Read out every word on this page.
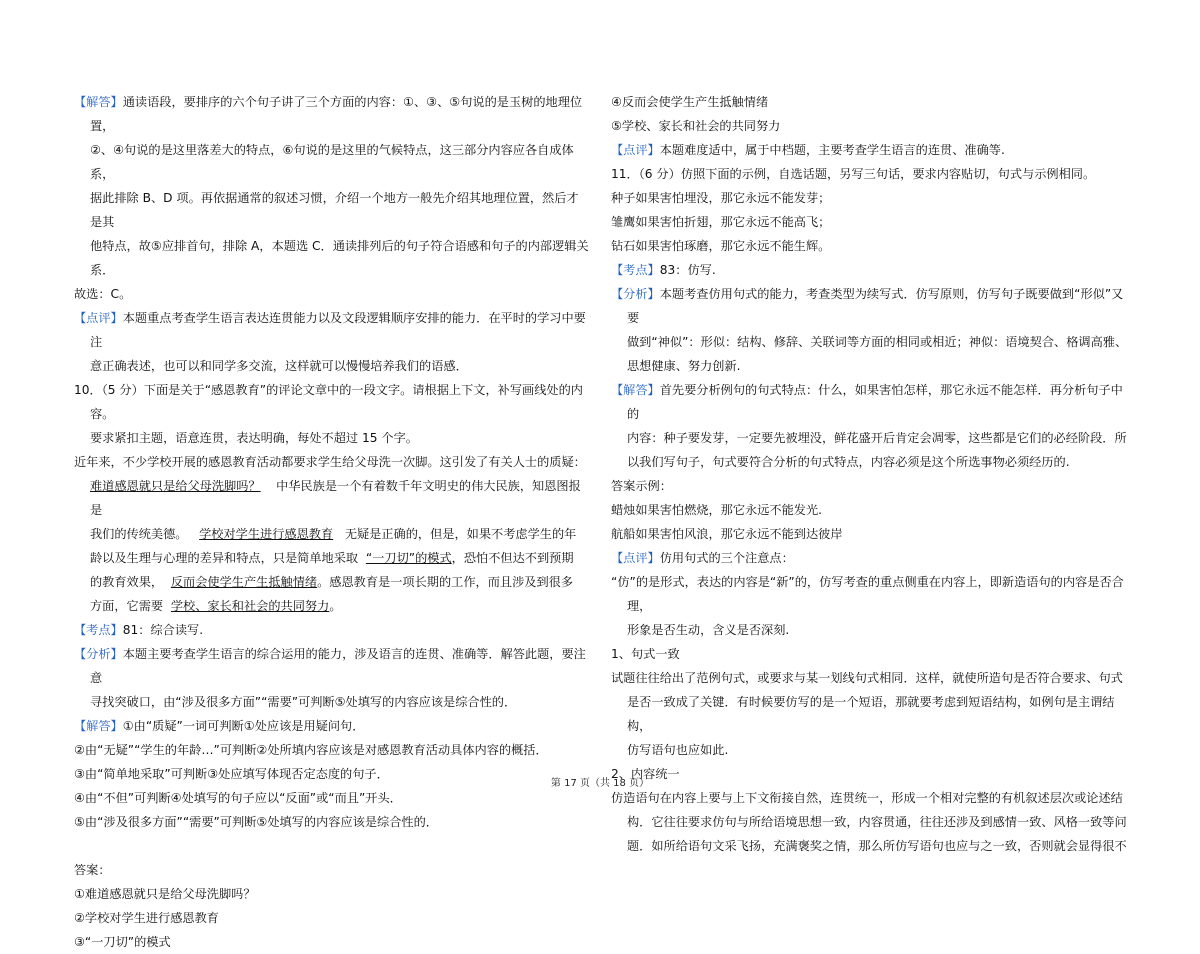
【解答】通读语段，要排序的六个句子讲了三个方面的内容：①、③、⑤句说的是玉树的地理位置，
②、④句说的是这里落差大的特点，⑥句说的是这里的气候特点，这三部分内容应各自成体系，
据此排除 B、D 项。再依据通常的叙述习惯，介绍一个地方一般先介绍其地理位置，然后才是其
他特点，故⑤应排首句，排除 A，本题选 C．通读排列后的句子符合语感和句子的内部逻辑关系．

故选：C。

【点评】本题重点考查学生语言表达连贯能力以及文段逻辑顺序安排的能力．在平时的学习中要注
意正确表述，也可以和同学多交流，这样就可以慢慢培养我们的语感．

10．（5 分）下面是关于“感恩教育”的评论文章中的一段文字。请根据上下文，补写画线处的内容。
要求紧扣主题，语意连贯，表达明确，每处不超过 15 个字。

近年来，不少学校开展的感恩教育活动都要求学生给父母洗一次脚。这引发了有关人士的质疑：难道感恩就只是给父母洗脚吗？ 中华民族是一个有着数千年文明史的伟大民族，知恩图报是
我们的传统美德。 学校对学生进行感恩教育 无疑是正确的，但是，如果不考虑学生的年
龄以及生理与心理的差异和特点，只是简单地采取 “一刀切”的模式，恐怕不但达不到预期
的教育效果， 反而会使学生产生抵触情绪。感恩教育是一项长期的工作，而且涉及到很多
方面，它需要 学校、家长和社会的共同努力。

【考点】81：综合读写.

【分析】本题主要考查学生语言的综合运用的能力，涉及语言的连贯、准确等．解答此题，要注意
寻找突破口，由“涉及很多方面”“需要”可判断⑤处填写的内容应该是综合性的．

【解答】①由“质疑”一词可判断①处应该是用疑问句．

②由“无疑”“学生的年龄…”可判断②处所填内容应该是对感恩教育活动具体内容的概括．

③由“简单地采取”可判断③处应填写体现否定态度的句子．

④由“不但”可判断④处填写的句子应以“反面”或“而且”开头．

⑤由“涉及很多方面”“需要”可判断⑤处填写的内容应该是综合性的．

答案：

①难道感恩就只是给父母洗脚吗？

②学校对学生进行感恩教育

③“一刀切”的模式

④反而会使学生产生抵触情绪

⑤学校、家长和社会的共同努力

【点评】本题难度适中，属于中档题，主要考查学生语言的连贯、准确等.

11．（6 分）仿照下面的示例，自选话题，另写三句话，要求内容贴切，句式与示例相同。

种子如果害怕埋没，那它永远不能发芽；

雏鹰如果害怕折翅，那它永远不能高飞；

钻石如果害怕琢磨，那它永远不能生辉。

【考点】83：仿写.

【分析】本题考查仿用句式的能力，考查类型为续写式．仿写原则，仿写句子既要做到“形似”又要
做到“神似”：形似：结构、修辞、关联词等方面的相同或相近；神似：语境契合、格调高雅、
思想健康、努力创新.

【解答】首先要分析例句的句式特点：什么，如果害怕怎样，那它永远不能怎样．再分析句子中的
内容：种子要发芽，一定要先被埋没，鲜花盛开后肯定会凋零，这些都是它们的必经阶段．所
以我们写句子，句式要符合分析的句式特点，内容必须是这个所选事物必须经历的.

答案示例：

蜡烛如果害怕燃烧，那它永远不能发光.

航船如果害怕风浪，那它永远不能到达彼岸

【点评】仿用句式的三个注意点：

“仿”的是形式，表达的内容是“新”的，仿写考查的重点侧重在内容上，即新造语句的内容是否合理，
形象是否生动，含义是否深刻.

1、句式一致

试题往往给出了范例句式，或要求与某一划线句式相同．这样，就使所造句是否符合要求、句式
是否一致成了关键．有时候要仿写的是一个短语，那就要考虑到短语结构，如例句是主谓结构，
仿写语句也应如此.

2、内容统一

仿造语句在内容上要与上下文衔接自然，连贯统一，形成一个相对完整的有机叙述层次或论述结
构．它往往要求仿句与所给语境思想一致，内容贯通，往往还涉及到感情一致、风格一致等问
题．如所给语句文采飞扬，充满褒奖之情，那么所仿写语句也应与之一致，否则就会显得很不

第 17 页（共 18 页）
